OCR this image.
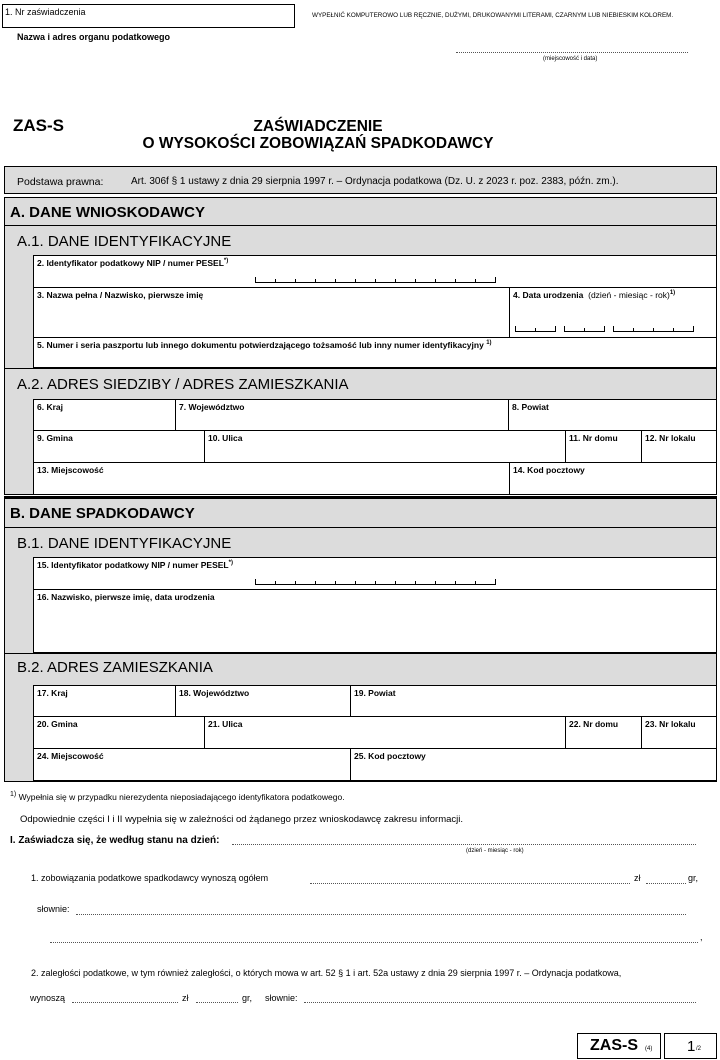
1. Nr zaświadczenia	WYPEŁNIĆ KOMPUTEROWO LUB RĘCZNIE, DUŻYMI, DRUKOWANYMI LITERAMI, CZARNYM LUB NIEBIESKIM KOLOREM.
Nazwa i adres organu podatkowego
(miejscowość i data)
ZAS-S	ZAŚWIADCZENIE
O WYSOKOŚCI ZOBOWIĄZAŃ SPADKODAWCY
Podstawa prawna:	Art. 306f § 1 ustawy z dnia 29 sierpnia 1997 r. – Ordynacja podatkowa (Dz. U. z 2023 r. poz. 2383, późn. zm.).
A. DANE WNIOSKODAWCY
A.1. DANE IDENTYFIKACYJNE
2. Identyfikator podatkowy NIP / numer PESEL*)
3. Nazwa pełna / Nazwisko, pierwsze imię	4. Data urodzenia (dzień - miesiąc - rok)$^{1)}$
5. Numer i seria paszportu lub innego dokumentu potwierdzającego tożsamość lub inny numer identyfikacyjny $^{1)}$
A.2. ADRES SIEDZIBY / ADRES ZAMIESZKANIA
6. Kraj	7. Województwo	8. Powiat
9. Gmina	10. Ulica	11. Nr domu	12. Nr lokalu
13. Miejscowość	14. Kod pocztowy
B. DANE SPADKODAWCY
B.1. DANE IDENTYFIKACYJNE
15. Identyfikator podatkowy NIP / numer PESEL*)
16. Nazwisko, pierwsze imię, data urodzenia
B.2. ADRES ZAMIESZKANIA
17. Kraj	18. Województwo	19. Powiat
20. Gmina	21. Ulica	22. Nr domu	23. Nr lokalu
24. Miejscowość	25. Kod pocztowy
$^{1)}$ Wypełnia się w przypadku nierezydenta nieposiadającego identyfikatora podatkowego.
Odpowiednie części I i II wypełnia się w zależności od żądanego przez wnioskodawcę zakresu informacji.
I. Zaświadcza się, że według stanu na dzień:
(dzień - miesiąc - rok)
1. zobowiązania podatkowe spadkodawcy wynoszą ogółem	zł	gr,
słownie:
,
2. zaległości podatkowe, w tym również zaległości, o których mowa w art. 52 § 1 i art. 52a ustawy z dnia 29 sierpnia 1997 r. – Ordynacja podatkowa,
wynoszą	zł	gr, słownie:
ZAS-S (4) 1 /2
